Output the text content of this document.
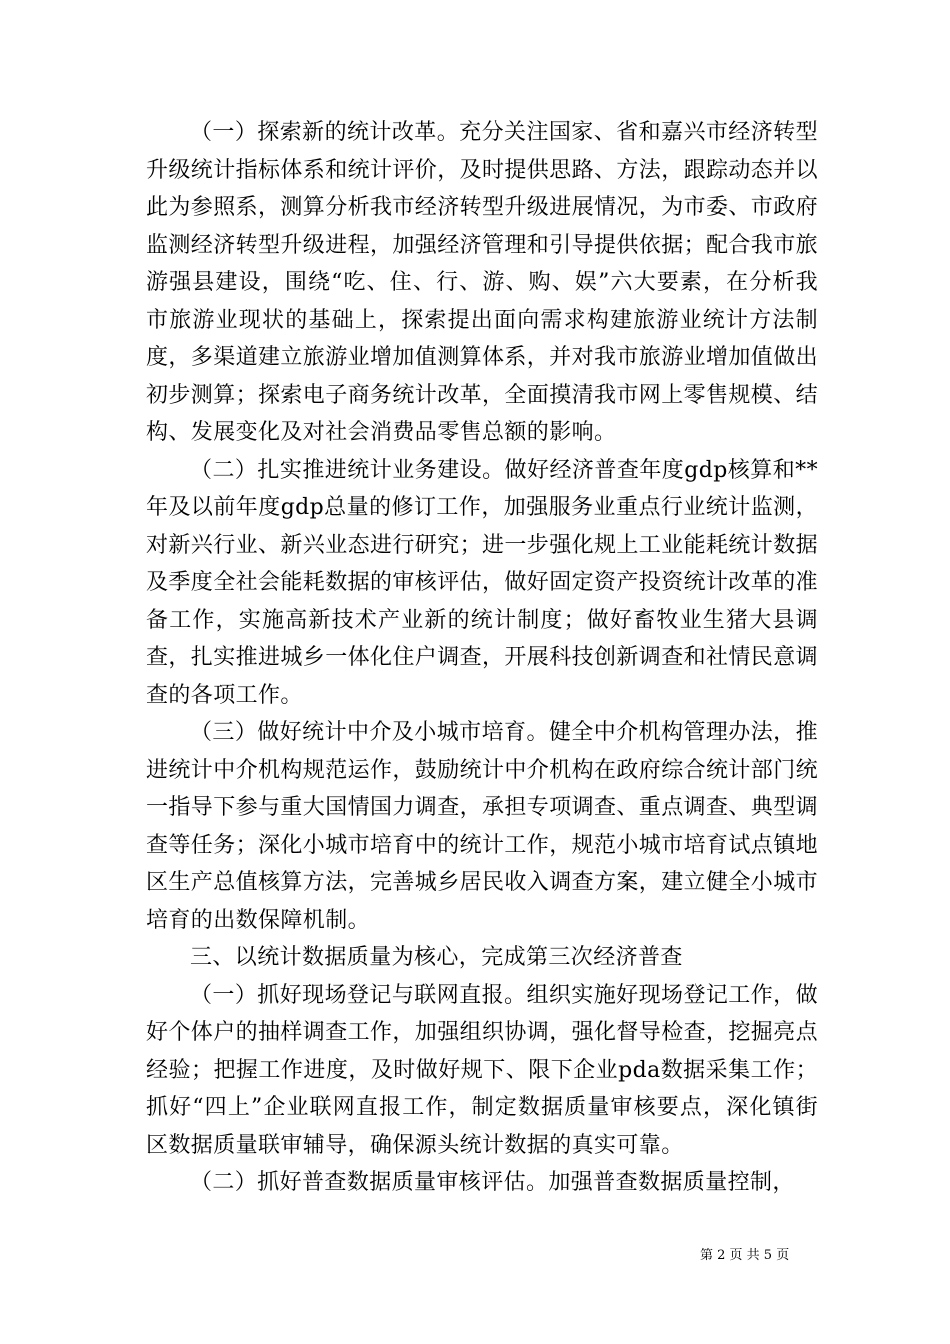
（一）探索新的统计改革。充分关注国家、省和嘉兴市经济转型升级统计指标体系和统计评价，及时提供思路、方法，跟踪动态并以此为参照系，测算分析我市经济转型升级进展情况，为市委、市政府监测经济转型升级进程，加强经济管理和引导提供依据；配合我市旅游强县建设，围绕“吃、住、行、游、购、娱”六大要素，在分析我市旅游业现状的基础上，探索提出面向需求构建旅游业统计方法制度，多渠道建立旅游业增加值测算体系，并对我市旅游业增加值做出初步测算；探索电子商务统计改革，全面摸清我市网上零售规模、结构、发展变化及对社会消费品零售总额的影响。

（二）扎实推进统计业务建设。做好经济普查年度gdp核算和**年及以前年度gdp总量的修订工作，加强服务业重点行业统计监测，对新兴行业、新兴业态进行研究；进一步强化规上工业能耗统计数据及季度全社会能耗数据的审核评估，做好固定资产投资统计改革的准备工作，实施高新技术产业新的统计制度；做好畜牧业生猪大县调查，扎实推进城乡一体化住户调查，开展科技创新调查和社情民意调查的各项工作。

（三）做好统计中介及小城市培育。健全中介机构管理办法，推进统计中介机构规范运作，鼓励统计中介机构在政府综合统计部门统一指导下参与重大国情国力调查，承担专项调查、重点调查、典型调查等任务；深化小城市培育中的统计工作，规范小城市培育试点镇地区生产总值核算方法，完善城乡居民收入调查方案，建立健全小城市培育的出数保障机制。

三、以统计数据质量为核心，完成第三次经济普查

（一）抓好现场登记与联网直报。组织实施好现场登记工作，做好个体户的抽样调查工作，加强组织协调，强化督导检查，挖掘亮点经验；把握工作进度，及时做好规下、限下企业pda数据采集工作；抓好“四上”企业联网直报工作，制定数据质量审核要点，深化镇街区数据质量联审辅导，确保源头统计数据的真实可靠。

（二）抓好普查数据质量审核评估。加强普查数据质量控制，

第 2 页 共 5 页
